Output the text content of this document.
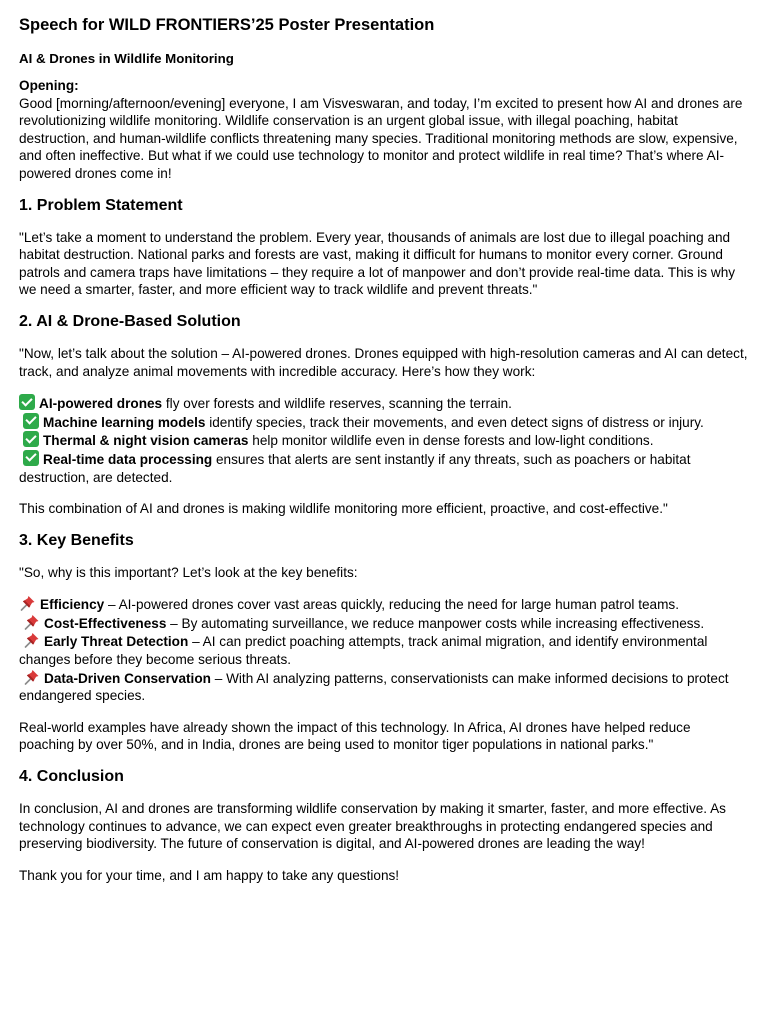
Speech for WILD FRONTIERS’25 Poster Presentation
AI & Drones in Wildlife Monitoring
Opening:

Good [morning/afternoon/evening] everyone, I am Visveswaran, and today, I’m excited to present how AI and drones are revolutionizing wildlife monitoring. Wildlife conservation is an urgent global issue, with illegal poaching, habitat destruction, and human-wildlife conflicts threatening many species. Traditional monitoring methods are slow, expensive, and often ineffective. But what if we could use technology to monitor and protect wildlife in real time? That’s where AI-powered drones come in!

1. Problem Statement

"Let’s take a moment to understand the problem. Every year, thousands of animals are lost due to illegal poaching and habitat destruction. National parks and forests are vast, making it difficult for humans to monitor every corner. Ground patrols and camera traps have limitations – they require a lot of manpower and don’t provide real-time data. This is why we need a smarter, faster, and more efficient way to track wildlife and prevent threats."

2. AI & Drone-Based Solution

"Now, let’s talk about the solution – AI-powered drones. Drones equipped with high-resolution cameras and AI can detect, track, and analyze animal movements with incredible accuracy. Here’s how they work:

AI-powered drones fly over forests and wildlife reserves, scanning the terrain.
Machine learning models identify species, track their movements, and even detect signs of distress or injury.
Thermal & night vision cameras help monitor wildlife even in dense forests and low-light conditions.
Real-time data processing ensures that alerts are sent instantly if any threats, such as poachers or habitat destruction, are detected.

This combination of AI and drones is making wildlife monitoring more efficient, proactive, and cost-effective."

3. Key Benefits

"So, why is this important? Let’s look at the key benefits:

Efficiency – AI-powered drones cover vast areas quickly, reducing the need for large human patrol teams.
Cost-Effectiveness – By automating surveillance, we reduce manpower costs while increasing effectiveness.
Early Threat Detection – AI can predict poaching attempts, track animal migration, and identify environmental changes before they become serious threats.
Data-Driven Conservation – With AI analyzing patterns, conservationists can make informed decisions to protect endangered species.

Real-world examples have already shown the impact of this technology. In Africa, AI drones have helped reduce poaching by over 50%, and in India, drones are being used to monitor tiger populations in national parks."

4. Conclusion

In conclusion, AI and drones are transforming wildlife conservation by making it smarter, faster, and more effective. As technology continues to advance, we can expect even greater breakthroughs in protecting endangered species and preserving biodiversity. The future of conservation is digital, and AI-powered drones are leading the way!

Thank you for your time, and I am happy to take any questions!
